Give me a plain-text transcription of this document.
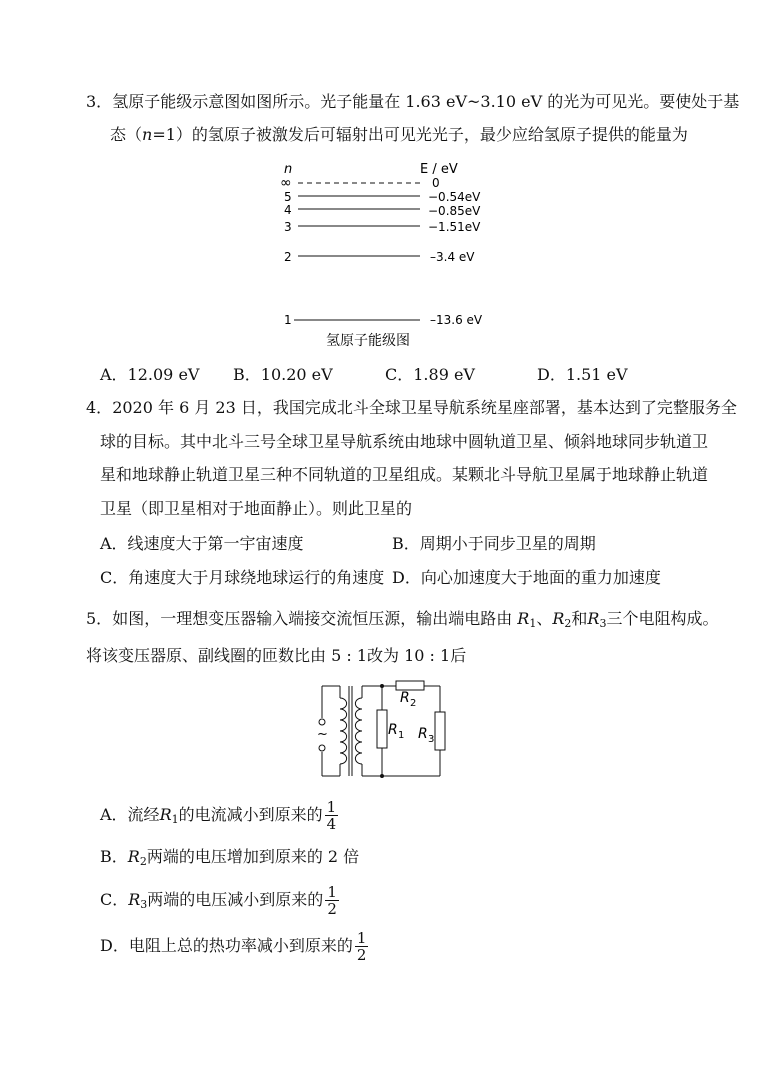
3．氢原子能级示意图如图所示。光子能量在 1.63 eV~3.10 eV 的光为可见光。要使处于基
态（n=1）的氢原子被激发后可辐射出可见光光子，最少应给氢原子提供的能量为
n	E / eV
∞	0
5	−0.54eV
4	−0.85eV
3	−1.51eV
2	–3.4 eV
1	–13.6 eV
氢原子能级图
A．12.09 eV B．10.20 eV	C．1.89 eV	D．1.51 eV
4．2020 年 6 月 23 日，我国完成北斗全球卫星导航系统星座部署，基本达到了完整服务全
球的目标。其中北斗三号全球卫星导航系统由地球中圆轨道卫星、倾斜地球同步轨道卫
星和地球静止轨道卫星三种不同轨道的卫星组成。某颗北斗导航卫星属于地球静止轨道
卫星（即卫星相对于地面静止）。则此卫星的
A．线速度大于第一宇宙速度	B．周期小于同步卫星的周期
C．角速度大于月球绕地球运行的角速度 D．向心加速度大于地面的重力加速度
5．如图，一理想变压器输入端接交流恒压源，输出端电路由 $R_1$、$R_2$和$R_3$三个电阻构成。
将该变压器原、副线圈的匝数比由 5 : 1改为 10 : 1后
~	R 1
R 2
R 3
A．流经$R_1$的电流减小到原来的 $\frac{1}{4}$
B．$R_2$两端的电压增加到原来的 2 倍
C．$R_3$两端的电压减小到原来的 $\frac{1}{2}$
D．电阻上总的热功率减小到原来的 $\frac{1}{2}$
